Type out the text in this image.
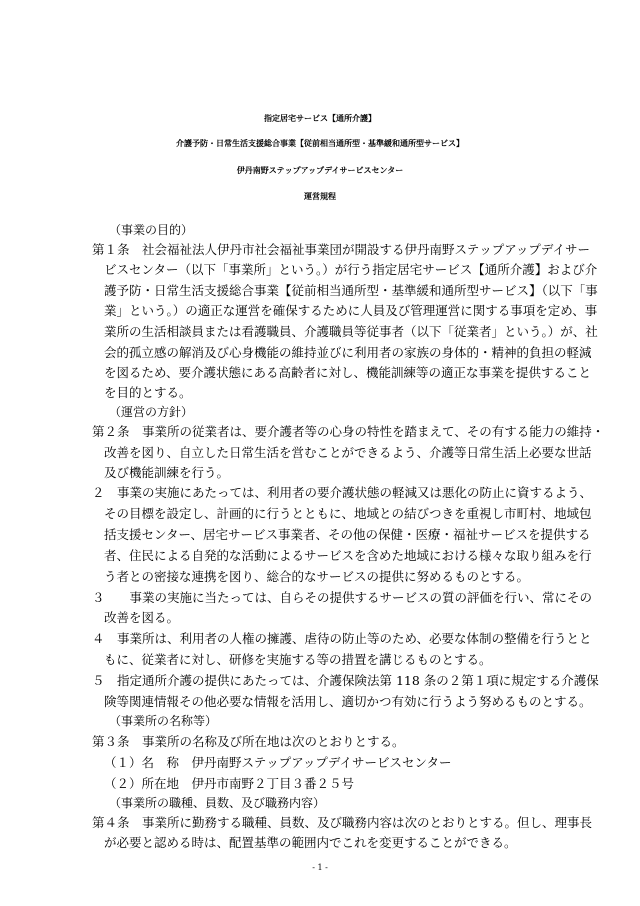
指定居宅サービス【通所介護】
介護予防・日常生活支援総合事業【従前相当通所型・基準緩和通所型サービス】
伊丹南野ステップアップデイサービスセンター
運営規程
（事業の目的）
第１条　社会福祉法人伊丹市社会福祉事業団が開設する伊丹南野ステップアップデイサー
ビスセンター（以下「事業所」という。）が行う指定居宅サービス【通所介護】および介
護予防・日常生活支援総合事業【従前相当通所型・基準緩和通所型サービス】（以下「事
業」という。）の適正な運営を確保するために人員及び管理運営に関する事項を定め、事
業所の生活相談員または看護職員、介護職員等従事者（以下「従業者」という。）が、社
会的孤立感の解消及び心身機能の維持並びに利用者の家族の身体的・精神的負担の軽減
を図るため、要介護状態にある高齢者に対し、機能訓練等の適正な事業を提供すること
を目的とする。
（運営の方針）
第２条　事業所の従業者は、要介護者等の心身の特性を踏まえて、その有する能力の維持・
改善を図り、自立した日常生活を営むことができるよう、介護等日常生活上必要な世話
及び機能訓練を行う。
２　事業の実施にあたっては、利用者の要介護状態の軽減又は悪化の防止に資するよう、
その目標を設定し、計画的に行うとともに、地域との結びつきを重視し市町村、地域包
括支援センター、居宅サービス事業者、その他の保健・医療・福祉サービスを提供する
者、住民による自発的な活動によるサービスを含めた地域における様々な取り組みを行
う者との密接な連携を図り、総合的なサービスの提供に努めるものとする。
３　　事業の実施に当たっては、自らその提供するサービスの質の評価を行い、常にその
改善を図る。
４　事業所は、利用者の人権の擁護、虐待の防止等のため、必要な体制の整備を行うとと
もに、従業者に対し、研修を実施する等の措置を講じるものとする。
５　指定通所介護の提供にあたっては、介護保険法第 118 条の２第１項に規定する介護保
険等関連情報その他必要な情報を活用し、適切かつ有効に行うよう努めるものとする。
（事業所の名称等）
第３条　事業所の名称及び所在地は次のとおりとする。
（１）名　称　伊丹南野ステップアップデイサービスセンター
（２）所在地　伊丹市南野２丁目３番２５号
（事業所の職種、員数、及び職務内容）
第４条　事業所に勤務する職種、員数、及び職務内容は次のとおりとする。但し、理事長
が必要と認める時は、配置基準の範囲内でこれを変更することができる。
- 1 -
